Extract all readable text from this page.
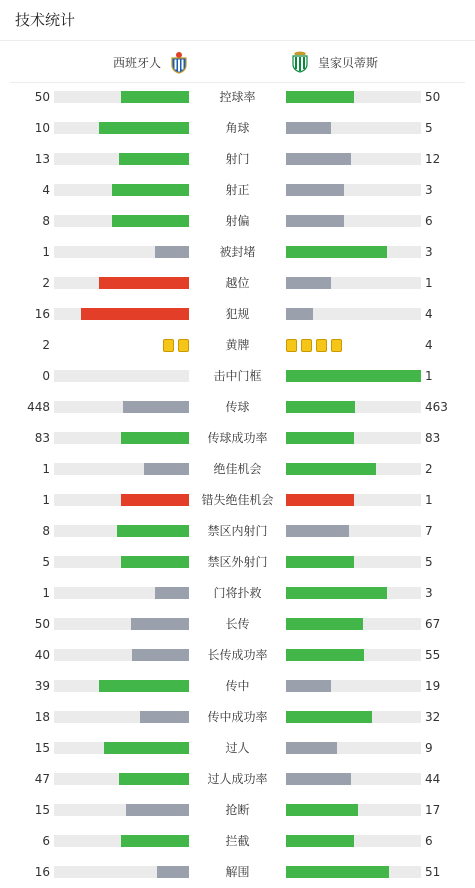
技术统计
西班牙人	皇家贝蒂斯
50	控球率	50
10	角球	5
13	射门	12
4	射正	3
8	射偏	6
1	被封堵	3
2	越位	1
16	犯规	4
2	黄牌	4
0	击中门框	1
448	传球	463
83	传球成功率	83
1	绝佳机会	2
1	错失绝佳机会	1
8	禁区内射门	7
5	禁区外射门	5
1	门将扑救	3
50	长传	67
40	长传成功率	55
39	传中	19
18	传中成功率	32
15	过人	9
47	过人成功率	44
15	抢断	17
6	拦截	6
16	解围	51
